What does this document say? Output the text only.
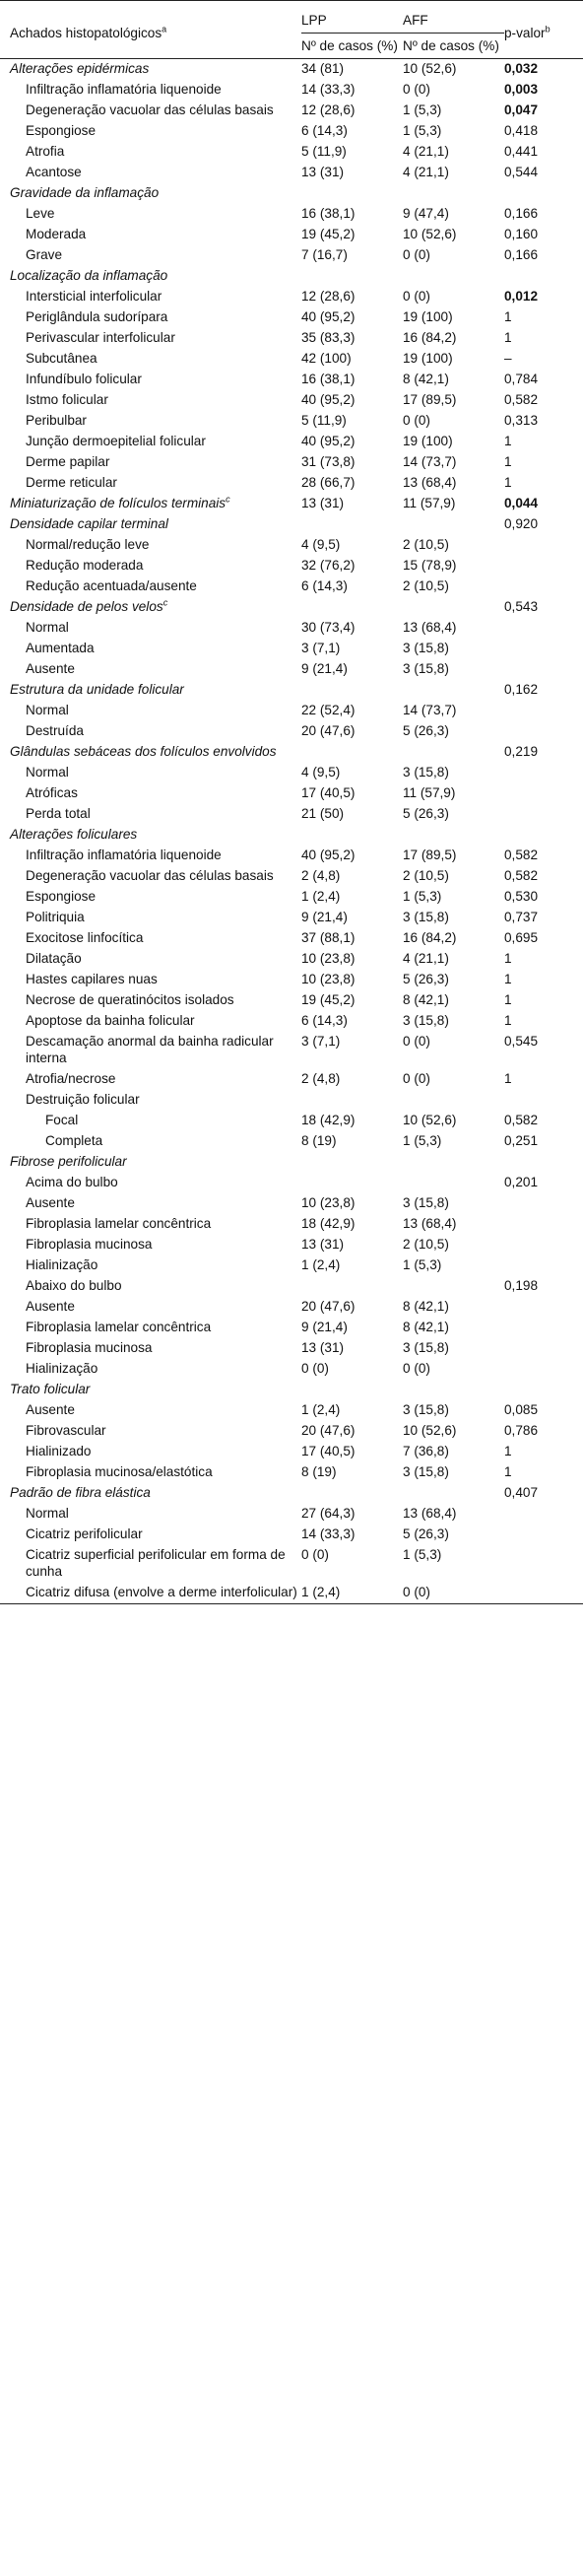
Achados histopatológicos$^a$	LPP	AFF	p-valor$^b$
	Nº de casos (%)	Nº de casos (%)	
Alterações epidérmicas	34 (81)	10 (52,6)	0,032
Infiltração inflamatória liquenoide	14 (33,3)	0 (0)	0,003
Degeneração vacuolar das células basais	12 (28,6)	1 (5,3)	0,047
Espongiose	6 (14,3)	1 (5,3)	0,418
Atrofia	5 (11,9)	4 (21,1)	0,441
Acantose	13 (31)	4 (21,1)	0,544
Gravidade da inflamação			
Leve	16 (38,1)	9 (47,4)	0,166
Moderada	19 (45,2)	10 (52,6)	0,160
Grave	7 (16,7)	0 (0)	0,166
Localização da inflamação			
Intersticial interfolicular	12 (28,6)	0 (0)	0,012
Periglândula sudorípara	40 (95,2)	19 (100)	1
Perivascular interfolicular	35 (83,3)	16 (84,2)	1
Subcutânea	42 (100)	19 (100)	–
Infundíbulo folicular	16 (38,1)	8 (42,1)	0,784
Istmo folicular	40 (95,2)	17 (89,5)	0,582
Peribulbar	5 (11,9)	0 (0)	0,313
Junção dermoepitelial folicular	40 (95,2)	19 (100)	1
Derme papilar	31 (73,8)	14 (73,7)	1
Derme reticular	28 (66,7)	13 (68,4)	1
Miniaturização de folículos terminais$^c$	13 (31)	11 (57,9)	0,044
Densidade capilar terminal			0,920
Normal/redução leve	4 (9,5)	2 (10,5)	
Redução moderada	32 (76,2)	15 (78,9)	
Redução acentuada/ausente	6 (14,3)	2 (10,5)	
Densidade de pelos velos$^c$			0,543
Normal	30 (73,4)	13 (68,4)	
Aumentada	3 (7,1)	3 (15,8)	
Ausente	9 (21,4)	3 (15,8)	
Estrutura da unidade folicular			0,162
Normal	22 (52,4)	14 (73,7)	
Destruída	20 (47,6)	5 (26,3)	
Glândulas sebáceas dos folículos envolvidos			0,219
Normal	4 (9,5)	3 (15,8)	
Atróficas	17 (40,5)	11 (57,9)	
Perda total	21 (50)	5 (26,3)	
Alterações foliculares			
Infiltração inflamatória liquenoide	40 (95,2)	17 (89,5)	0,582
Degeneração vacuolar das células basais	2 (4,8)	2 (10,5)	0,582
Espongiose	1 (2,4)	1 (5,3)	0,530
Politriquia	9 (21,4)	3 (15,8)	0,737
Exocitose linfocítica	37 (88,1)	16 (84,2)	0,695
Dilatação	10 (23,8)	4 (21,1)	1
Hastes capilares nuas	10 (23,8)	5 (26,3)	1
Necrose de queratinócitos isolados	19 (45,2)	8 (42,1)	1
Apoptose da bainha folicular	6 (14,3)	3 (15,8)	1
Descamação anormal da bainha radicular interna	3 (7,1)	0 (0)	0,545
Atrofia/necrose	2 (4,8)	0 (0)	1
Destruição folicular			
Focal	18 (42,9)	10 (52,6)	0,582
Completa	8 (19)	1 (5,3)	0,251
Fibrose perifolicular			
Acima do bulbo			0,201
Ausente	10 (23,8)	3 (15,8)	
Fibroplasia lamelar concêntrica	18 (42,9)	13 (68,4)	
Fibroplasia mucinosa	13 (31)	2 (10,5)	
Hialinização	1 (2,4)	1 (5,3)	
Abaixo do bulbo			0,198
Ausente	20 (47,6)	8 (42,1)	
Fibroplasia lamelar concêntrica	9 (21,4)	8 (42,1)	
Fibroplasia mucinosa	13 (31)	3 (15,8)	
Hialinização	0 (0)	0 (0)	
Trato folicular			
Ausente	1 (2,4)	3 (15,8)	0,085
Fibrovascular	20 (47,6)	10 (52,6)	0,786
Hialinizado	17 (40,5)	7 (36,8)	1
Fibroplasia mucinosa/elastótica	8 (19)	3 (15,8)	1
Padrão de fibra elástica			0,407
Normal	27 (64,3)	13 (68,4)	
Cicatriz perifolicular	14 (33,3)	5 (26,3)	
Cicatriz superficial perifolicular em forma de cunha	0 (0)	1 (5,3)	
Cicatriz difusa (envolve a derme interfolicular)	1 (2,4)	0 (0)	
